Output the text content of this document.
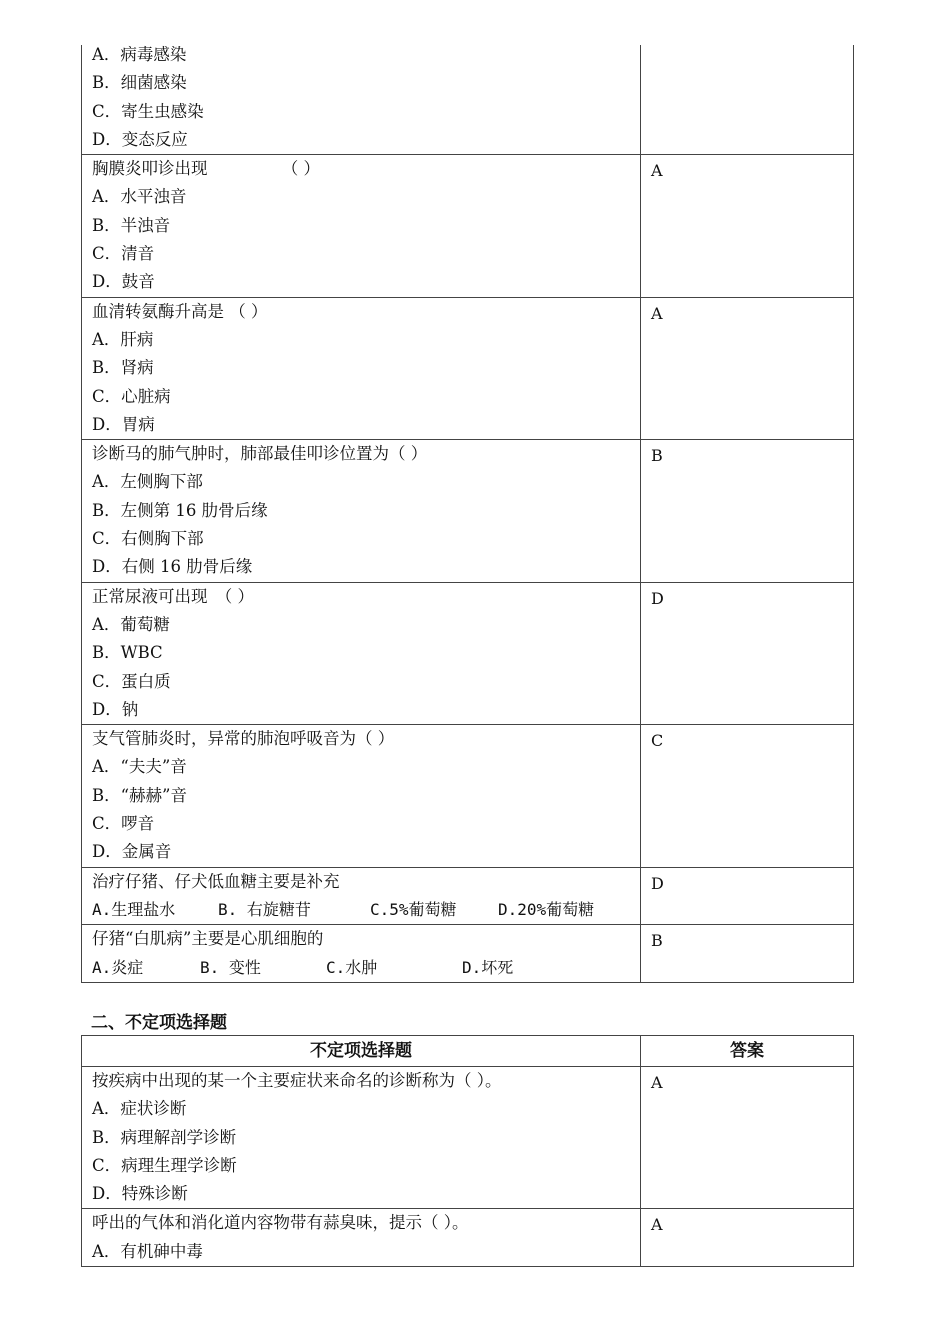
A．病毒感染
B．细菌感染
C．寄生虫感染
D．变态反应	

胸膜炎叩诊出现　　　　　（ ）
A．水平浊音
B．半浊音
C．清音
D．鼓音	A

血清转氨酶升高是 （ ）
A．肝病
B．肾病
C．心脏病
D．胃病	A

诊断马的肺气肿时，肺部最佳叩诊位置为（ ）
A．左侧胸下部
B．左侧第 16 肋骨后缘
C．右侧胸下部
D．右侧 16 肋骨后缘	B

正常尿液可出现　（ ）
A．葡萄糖
B．WBC
C．蛋白质
D．钠	D

支气管肺炎时，异常的肺泡呼吸音为（ ）
A．“夫夫”音
B．“赫赫”音
C．啰音
D．金属音	C

治疗仔猪、仔犬低血糖主要是补充
A.生理盐水 B. 右旋糖苷 C.5%葡萄糖 D.20%葡萄糖	D

仔猪“白肌病”主要是心肌细胞的
A.炎症 B. 变性 C.水肿 D.坏死	B
二、不定项选择题
不定项选择题	答案

按疾病中出现的某一个主要症状来命名的诊断称为（ ）。
A．症状诊断
B．病理解剖学诊断
C．病理生理学诊断
D．特殊诊断	A

呼出的气体和消化道内容物带有蒜臭味，提示（ ）。
A．有机砷中毒	A
